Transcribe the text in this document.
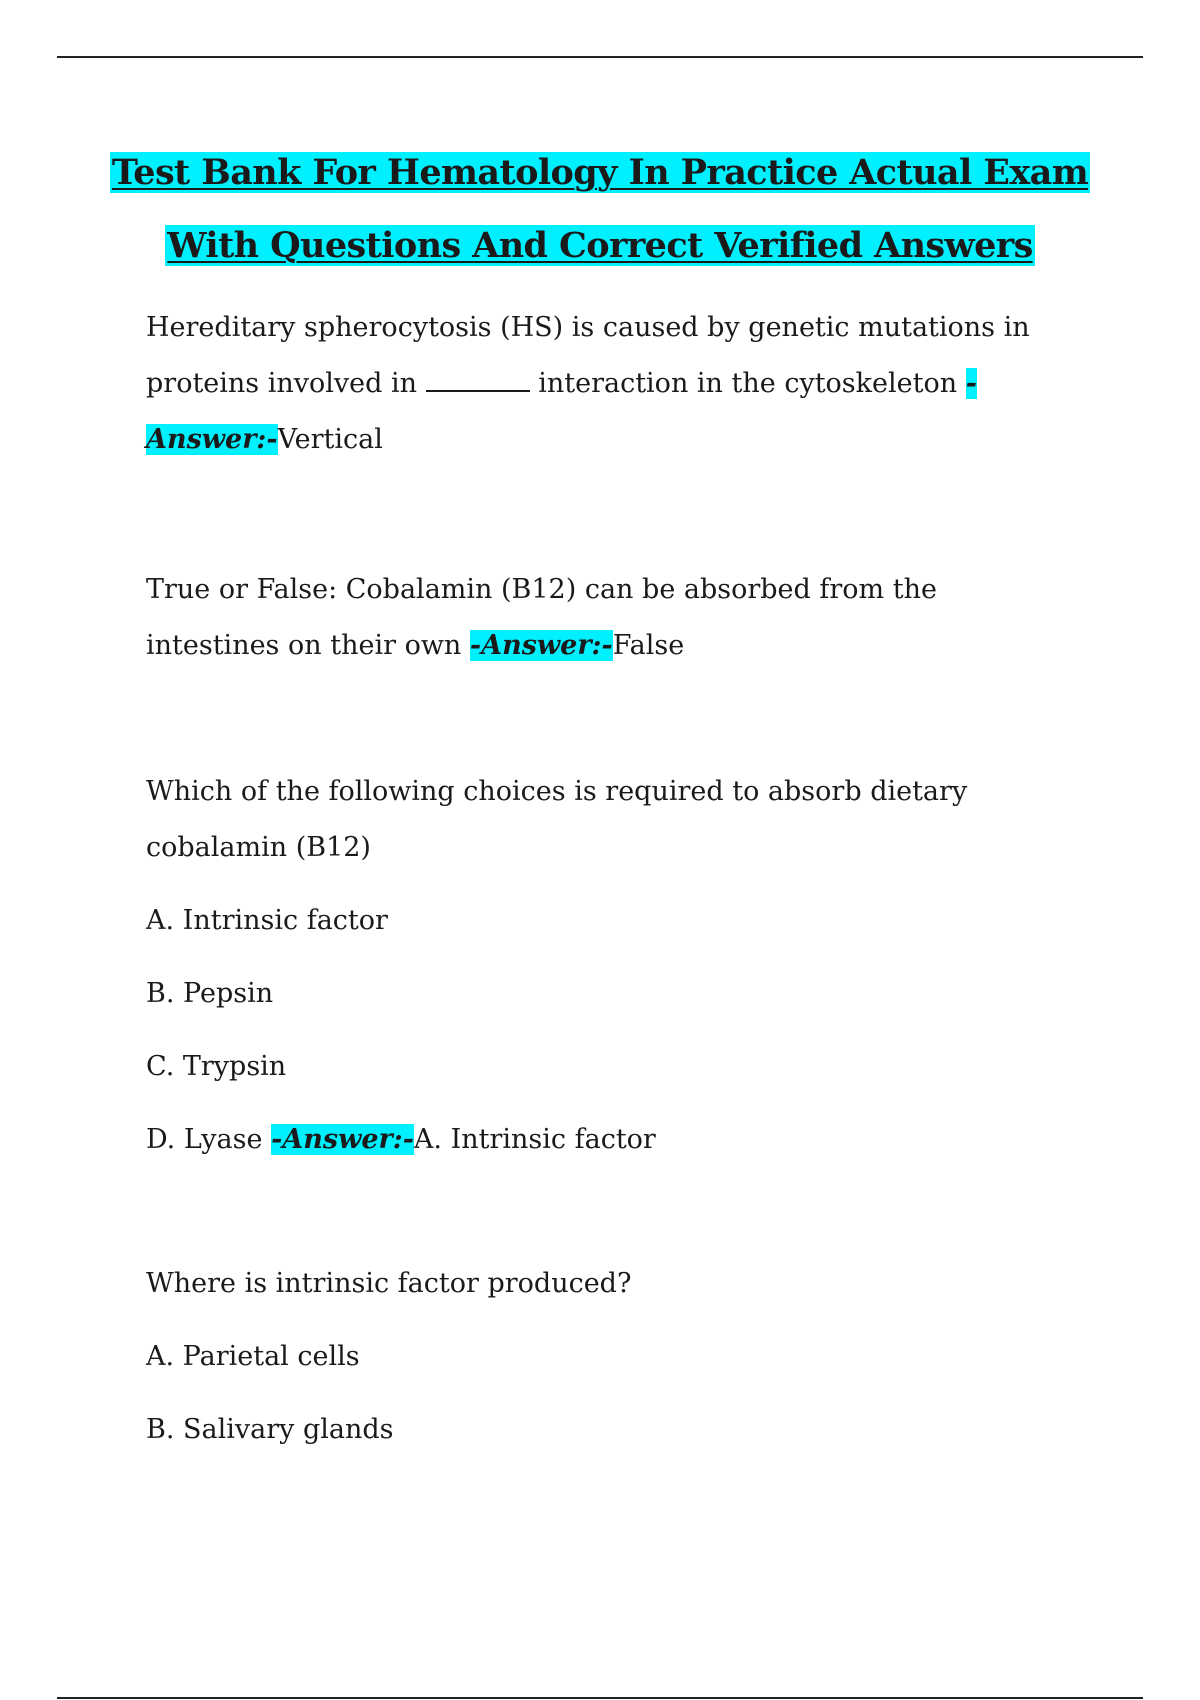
Test Bank For Hematology In Practice Actual Exam
With Questions And Correct Verified Answers

Hereditary spherocytosis (HS) is caused by genetic mutations in proteins involved in	interaction in the cytoskeleton -Answer:-Vertical

True or False: Cobalamin (B12) can be absorbed from the intestines on their own -Answer:-False

Which of the following choices is required to absorb dietary cobalamin (B12)

A. Intrinsic factor

B. Pepsin

C. Trypsin

D. Lyase -Answer:-A. Intrinsic factor

Where is intrinsic factor produced?

A. Parietal cells

B. Salivary glands
